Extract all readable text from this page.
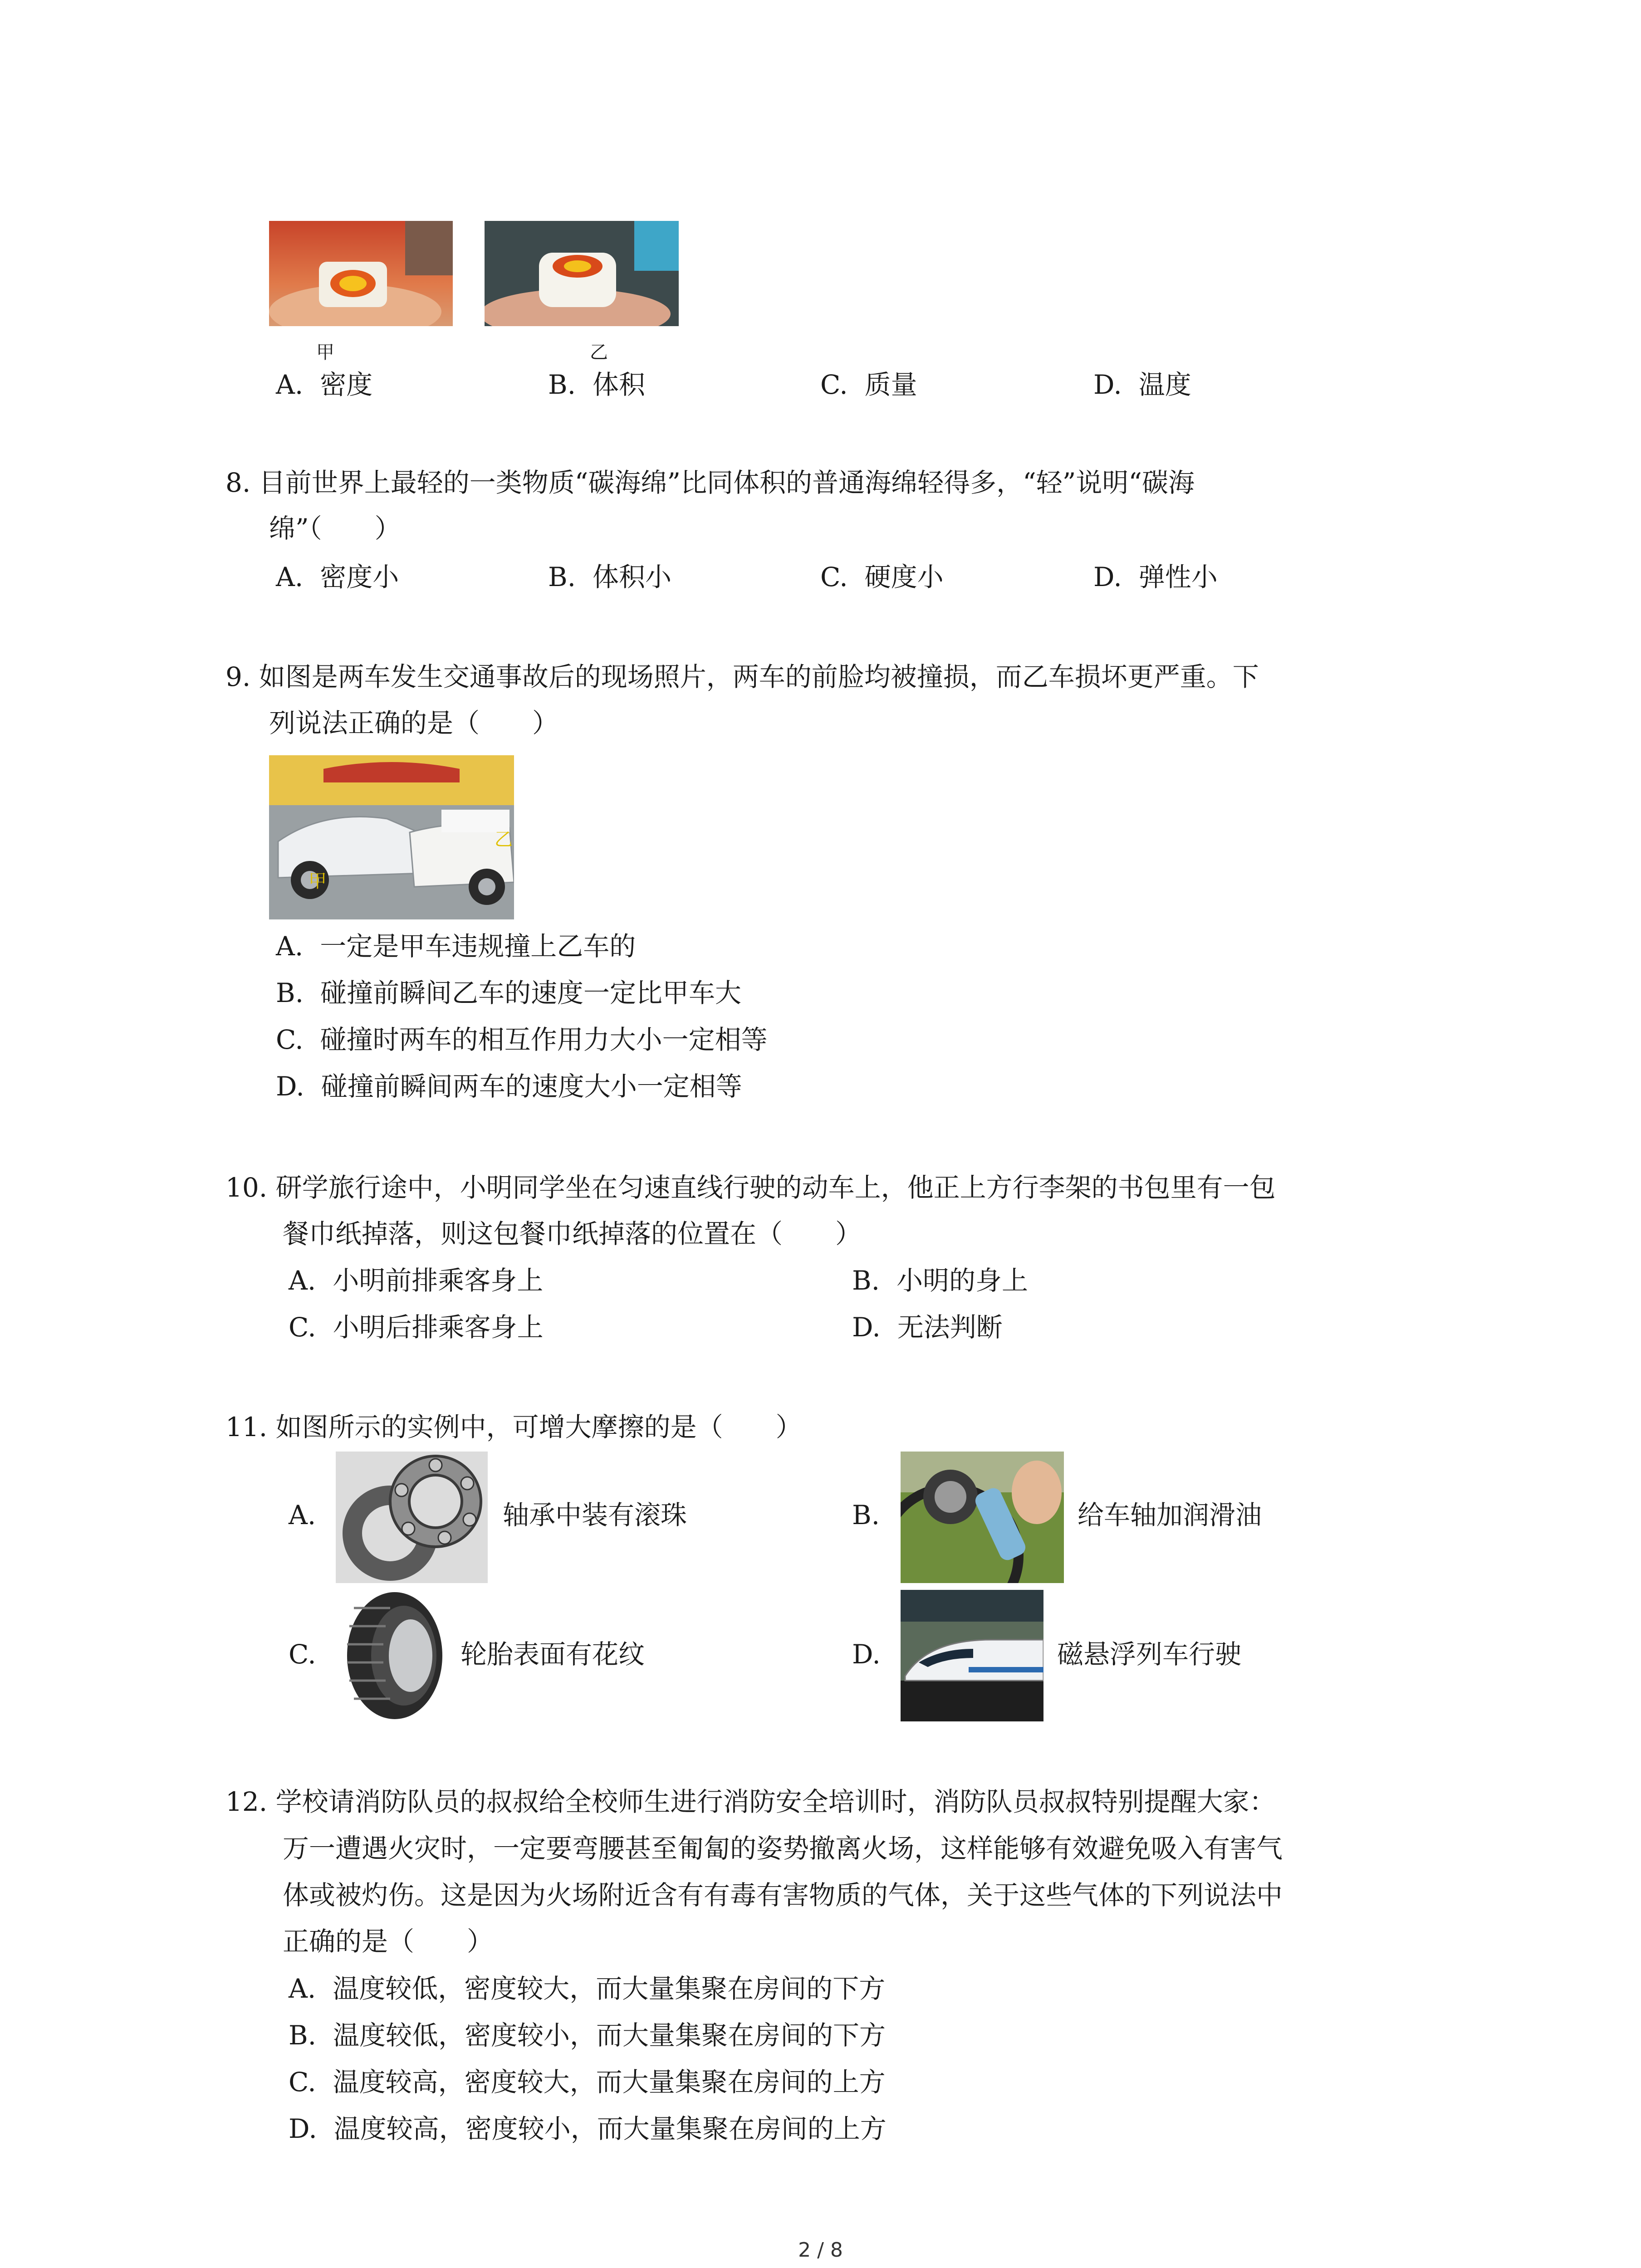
甲	乙
A. 密度	B. 体积	C. 质量	D. 温度
8. 目前世界上最轻的一类物质“碳海绵”比同体积的普通海绵轻得多，“轻”说明“碳海
绵”（　　）
A. 密度小	B. 体积小	C. 硬度小	D. 弹性小
9. 如图是两车发生交通事故后的现场照片，两车的前脸均被撞损，而乙车损坏更严重。下
列说法正确的是（　　）
甲
乙
A. 一定是甲车违规撞上乙车的
B. 碰撞前瞬间乙车的速度一定比甲车大
C. 碰撞时两车的相互作用力大小一定相等
D. 碰撞前瞬间两车的速度大小一定相等
10. 研学旅行途中，小明同学坐在匀速直线行驶的动车上，他正上方行李架的书包里有一包
餐巾纸掉落，则这包餐巾纸掉落的位置在（　　）
A. 小明前排乘客身上	B. 小明的身上
C. 小明后排乘客身上	D. 无法判断
11. 如图所示的实例中，可增大摩擦的是（　　）
A.	轴承中装有滚珠	B.	给车轴加润滑油
C.	轮胎表面有花纹	D.	磁悬浮列车行驶
12. 学校请消防队员的叔叔给全校师生进行消防安全培训时，消防队员叔叔特别提醒大家：
万一遭遇火灾时，一定要弯腰甚至匍匐的姿势撤离火场，这样能够有效避免吸入有害气
体或被灼伤。这是因为火场附近含有有毒有害物质的气体，关于这些气体的下列说法中
正确的是（　　）
A. 温度较低，密度较大，而大量集聚在房间的下方
B. 温度较低，密度较小，而大量集聚在房间的下方
C. 温度较高，密度较大，而大量集聚在房间的上方
D. 温度较高，密度较小，而大量集聚在房间的上方
2 / 8
